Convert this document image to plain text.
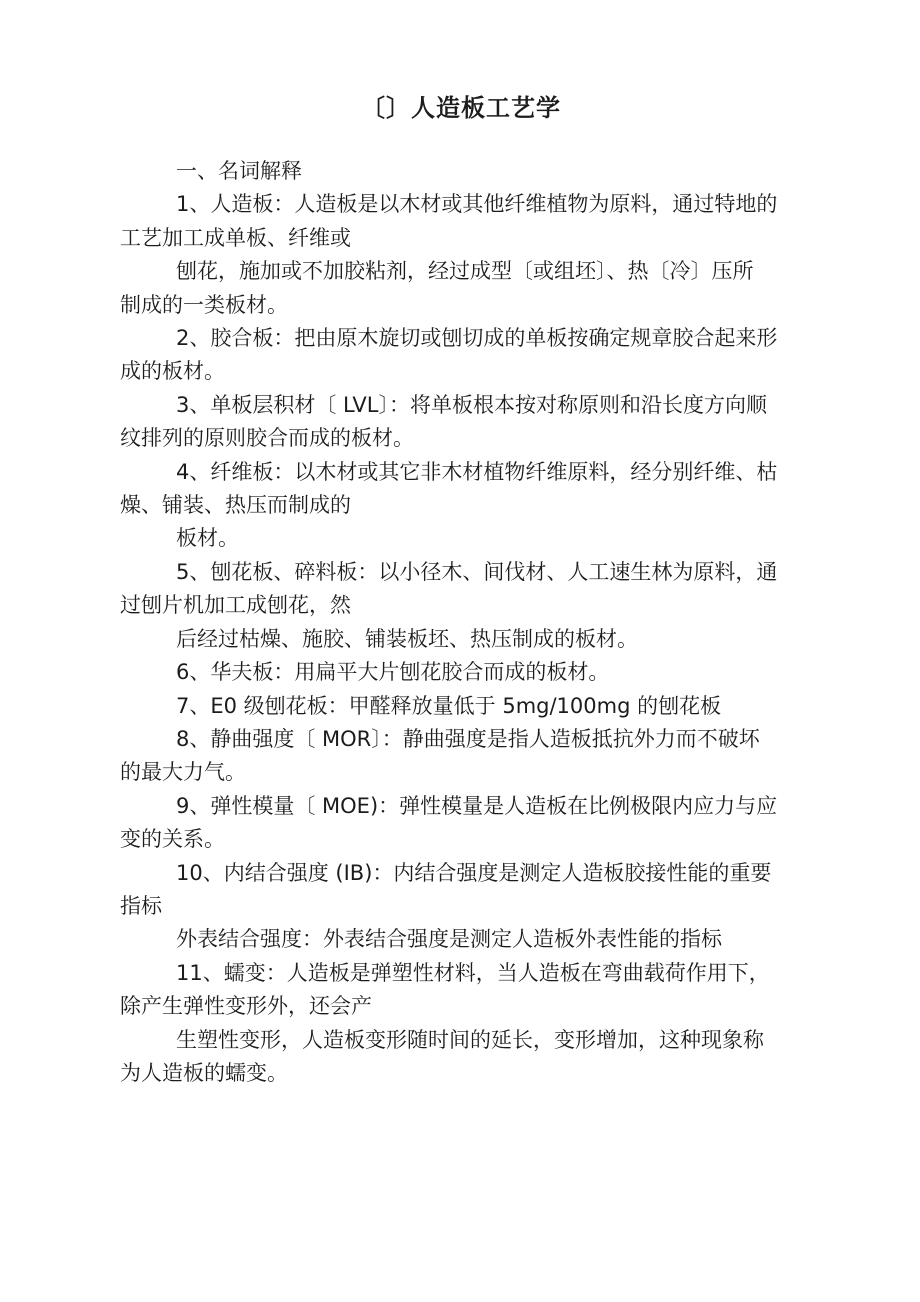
〔〕人造板工艺学
一、名词解释
1、人造板：人造板是以木材或其他纤维植物为原料，通过特地的
工艺加工成单板、纤维或
刨花，施加或不加胶粘剂，经过成型〔或组坯〕、热〔冷〕压所
制成的一类板材。
2、胶合板：把由原木旋切或刨切成的单板按确定规章胶合起来形
成的板材。
3、单板层积材〔 LVL〕：将单板根本按对称原则和沿长度方向顺
纹排列的原则胶合而成的板材。
4、纤维板：以木材或其它非木材植物纤维原料，经分别纤维、枯
燥、铺装、热压而制成的
板材。
5、刨花板、碎料板：以小径木、间伐材、人工速生林为原料，通
过刨片机加工成刨花，然
后经过枯燥、施胶、铺装板坯、热压制成的板材。
6、华夫板：用扁平大片刨花胶合而成的板材。
7、E0 级刨花板：甲醛释放量低于 5mg/100mg 的刨花板
8、静曲强度〔 MOR〕：静曲强度是指人造板抵抗外力而不破坏
的最大力气。
9、弹性模量〔 MOE)：弹性模量是人造板在比例极限内应力与应
变的关系。
10、内结合强度 (IB)：内结合强度是测定人造板胶接性能的重要
指标
外表结合强度：外表结合强度是测定人造板外表性能的指标
11、蠕变：人造板是弹塑性材料，当人造板在弯曲载荷作用下，
除产生弹性变形外，还会产
生塑性变形，人造板变形随时间的延长，变形增加，这种现象称
为人造板的蠕变。
